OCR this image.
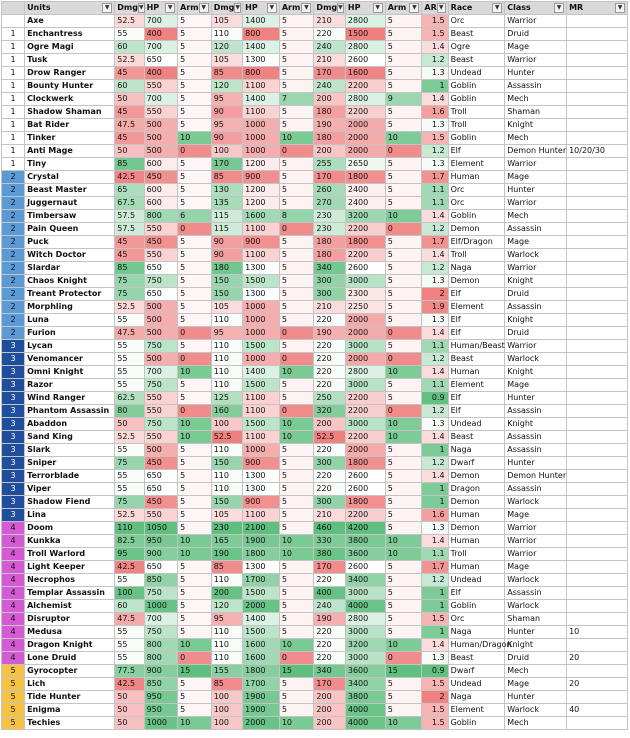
	Units ▼	Dmg ▼	HP ▼	Arm ▼	Dmg ▼	HP ▼	Arm ▼	Dmg ▼	HP ▼	Arm ▼	AR ▼	Race ▼	Class ▼	MR ▼

	Axe	52.5	700	5	105	1400	5	210	2800	5	1.5	Orc	Warrior	
1	Enchantress	55	400	5	110	800	5	220	1500	5	1.5	Beast	Druid	
1	Ogre Magi	60	700	5	120	1400	5	240	2800	5	1.4	Ogre	Mage	
1	Tusk	52.5	650	5	105	1300	5	210	2600	5	1.2	Beast	Warrior	
1	Drow Ranger	45	400	5	85	800	5	170	1600	5	1.3	Undead	Hunter	
1	Bounty Hunter	60	550	5	120	1100	5	240	2200	5	1	Goblin	Assassin	
1	Clockwerk	50	700	5	95	1400	7	200	2800	9	1.4	Goblin	Mech	
1	Shadow Shaman	45	550	5	90	1100	5	180	2200	5	1.6	Troll	Shaman	
1	Bat Rider	47.5	500	5	95	1000	5	190	2000	5	1.3	Troll	Knight	
1	Tinker	45	500	10	90	1000	10	180	2000	10	1.5	Goblin	Mech	
1	Anti Mage	50	500	0	100	1000	0	200	2000	0	1.2	Elf	Demon Hunter	10/20/30
1	Tiny	85	600	5	170	1200	5	255	2650	5	1.3	Element	Warrior	
2	Crystal	42.5	450	5	85	900	5	170	1800	5	1.7	Human	Mage	
2	Beast Master	65	600	5	130	1200	5	260	2400	5	1.1	Orc	Hunter	
2	Juggernaut	67.5	600	5	135	1200	5	270	2400	5	1.1	Orc	Warrior	
2	Timbersaw	57.5	800	6	115	1600	8	230	3200	10	1.4	Goblin	Mech	
2	Pain Queen	57.5	550	0	115	1100	0	230	2200	0	1.2	Demon	Assassin	
2	Puck	45	450	5	90	900	5	180	1800	5	1.7	Elf/Dragon	Mage	
2	Witch Doctor	45	550	5	90	1100	5	180	2200	5	1.4	Troll	Warlock	
2	Slardar	85	650	5	180	1300	5	340	2600	5	1.2	Naga	Warrior	
2	Chaos Knight	75	750	5	150	1500	5	300	3000	5	1.3	Demon	Knight	
2	Treant Protector	75	650	5	150	1300	5	300	2300	5	2	Elf	Druid	
2	Morphling	52.5	500	5	105	1000	5	210	2250	5	1.9	Element	Assassin	
2	Luna	55	500	5	110	1000	5	220	2000	5	1.3	Elf	Knight	
2	Furion	47.5	500	0	95	1000	0	190	2000	0	1.4	Elf	Druid	
3	Lycan	55	750	5	110	1500	5	220	3000	5	1.1	Human/Beast	Warrior	
3	Venomancer	55	500	0	110	1000	0	220	2000	0	1.2	Beast	Warlock	
3	Omni Knight	55	700	10	110	1400	10	220	2800	10	1.4	Human	Knight	
3	Razor	55	750	5	110	1500	5	220	3000	5	1.1	Element	Mage	
3	Wind Ranger	62.5	550	5	125	1100	5	250	2200	5	0.9	Elf	Hunter	
3	Phantom Assassin	80	550	0	160	1100	0	320	2200	0	1.2	Elf	Assassin	
3	Abaddon	50	750	10	100	1500	10	200	3000	10	1.3	Undead	Knight	
3	Sand King	52.5	550	10	52.5	1100	10	52.5	2200	10	1.4	Beast	Assassin	
3	Slark	55	500	5	110	1000	5	220	2000	5	1	Naga	Assassin	
3	Sniper	75	450	5	150	900	5	300	1800	5	1.2	Dwarf	Hunter	
3	Terrorblade	55	650	5	110	1300	5	220	2600	5	1.4	Demon	Demon Hunter	
3	Viper	55	650	5	110	1300	5	220	2600	5	1	Dragon	Assassin	
3	Shadow Fiend	75	450	5	150	900	5	300	1800	5	1	Demon	Warlock	
3	Lina	52.5	550	5	105	1100	5	210	2200	5	1.6	Human	Mage	
4	Doom	110	1050	5	230	2100	5	460	4200	5	1.3	Demon	Warrior	
4	Kunkka	82.5	950	10	165	1900	10	330	3800	10	1.4	Human	Warrior	
4	Troll Warlord	95	900	10	190	1800	10	380	3600	10	1.1	Troll	Warrior	
4	Light Keeper	42.5	650	5	85	1300	5	170	2600	5	1.7	Human	Mage	
4	Necrophos	55	850	5	110	1700	5	220	3400	5	1.2	Undead	Warlock	
4	Templar Assassin	100	750	5	200	1500	5	400	3000	5	1	Elf	Assassin	
4	Alchemist	60	1000	5	120	2000	5	240	4000	5	1	Goblin	Warlock	
4	Disruptor	47.5	700	5	95	1400	5	190	2800	5	1.5	Orc	Shaman	
4	Medusa	55	750	5	110	1500	5	220	3000	5	1	Naga	Hunter	10
4	Dragon Knight	55	800	10	110	1600	10	220	3200	10	1.4	Human/Dragon	Knight	
4	Lone Druid	55	800	0	110	1600	0	220	3000	0	1.3	Beast	Druid	20
5	Gyrocopter	77.5	900	15	155	1800	15	340	3600	15	0.9	Dwarf	Mech	
5	Lich	42.5	850	5	85	1700	5	170	3400	5	1.5	Undead	Mage	20
5	Tide Hunter	50	950	5	100	1900	5	200	3800	5	2	Naga	Hunter	
5	Enigma	50	950	5	100	1900	5	200	4000	5	1.5	Element	Warlock	40
5	Techies	50	1000	10	100	2000	10	200	4000	10	1.5	Goblin	Mech	
